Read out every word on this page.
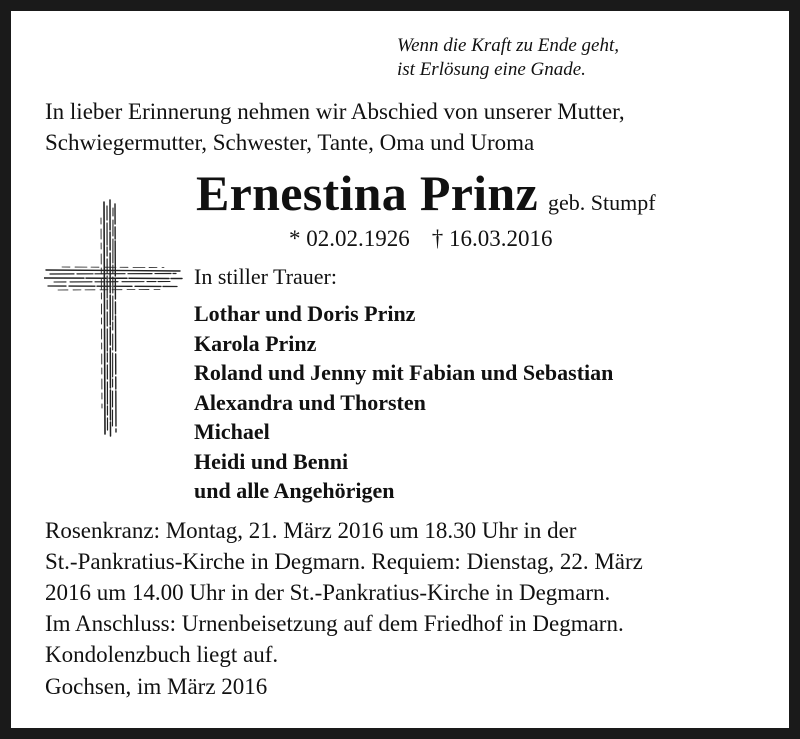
Wenn die Kraft zu Ende geht,
ist Erlösung eine Gnade.
In lieber Erinnerung nehmen wir Abschied von unserer Mutter,
Schwiegermutter, Schwester, Tante, Oma und Uroma
Ernestina Prinz geb. Stumpf
* 02.02.1926 † 16.03.2016
In stiller Trauer:
Lothar und Doris Prinz
Karola Prinz
Roland und Jenny mit Fabian und Sebastian
Alexandra und Thorsten
Michael
Heidi und Benni
und alle Angehörigen
Rosenkranz: Montag, 21. März 2016 um 18.30 Uhr in der
St.-Pankratius-Kirche in Degmarn. Requiem: Dienstag, 22. März
2016 um 14.00 Uhr in der St.-Pankratius-Kirche in Degmarn.
Im Anschluss: Urnenbeisetzung auf dem Friedhof in Degmarn.
Kondolenzbuch liegt auf.
Gochsen, im März 2016
